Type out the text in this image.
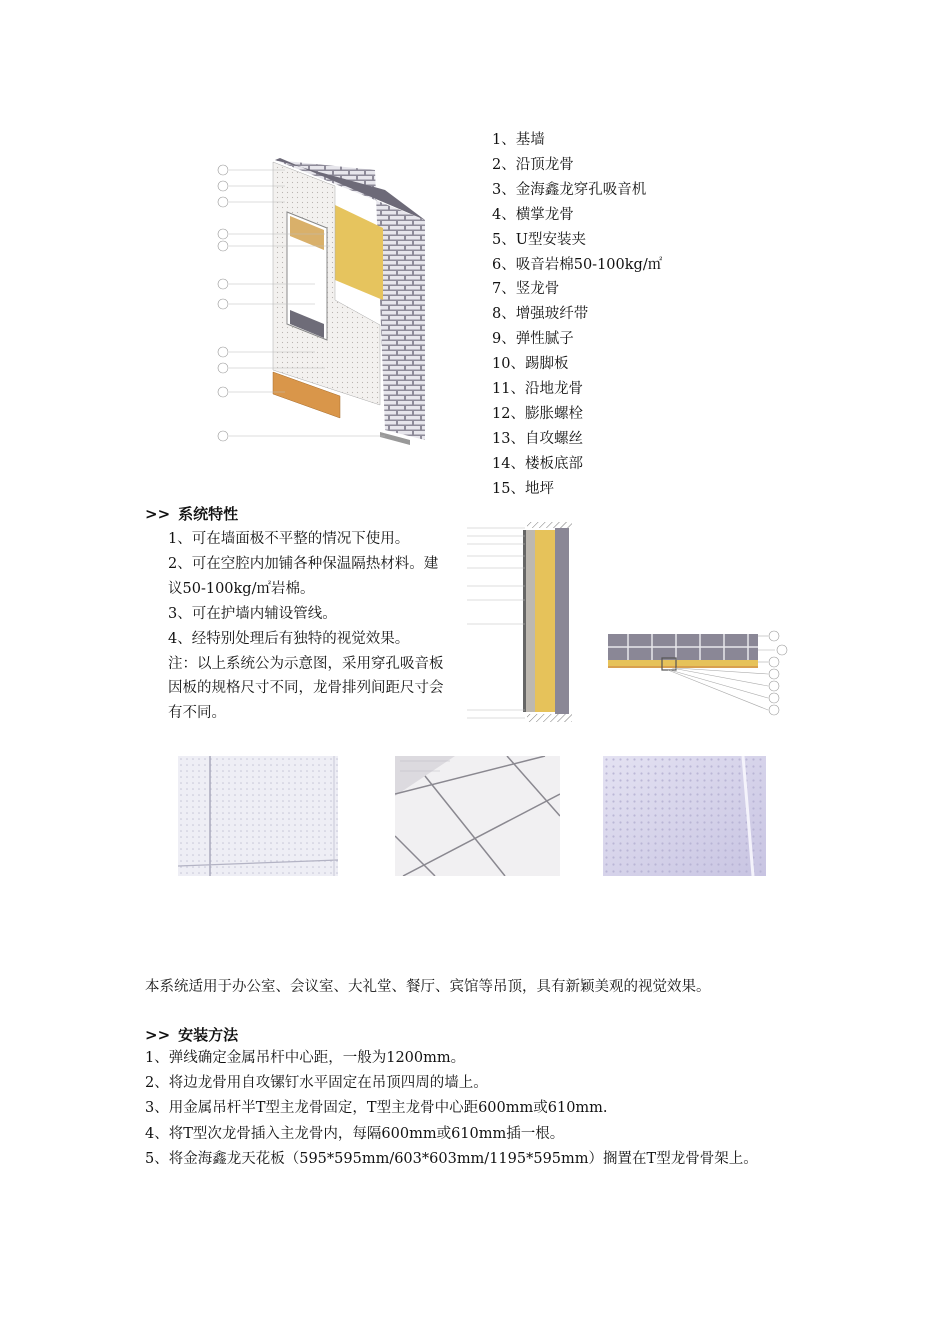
1、基墙
2、沿顶龙骨
3、金海鑫龙穿孔吸音机
4、横掌龙骨
5、U型安装夹
6、吸音岩棉50-100kg/㎡
7、竖龙骨
8、增强玻纤带
9、弹性腻子
10、踢脚板
11、沿地龙骨
12、膨胀螺栓
13、自攻螺丝
14、楼板底部
15、地坪
>> 系统特性

1、可在墙面极不平整的情况下使用。

2、可在空腔内加铺各种保温隔热材料。建议50-100kg/㎡岩棉。

3、可在护墙内辅设管线。

4、经特别处理后有独特的视觉效果。

注：以上系统公为示意图，采用穿孔吸音板因板的规格尺寸不同，龙骨排列间距尺寸会有不同。

本系统适用于办公室、会议室、大礼堂、餐厅、宾馆等吊顶，具有新颖美观的视觉效果。
>> 安装方法
1、弹线确定金属吊杆中心距，一般为1200mm。
2、将边龙骨用自攻镙钉水平固定在吊顶四周的墙上。
3、用金属吊杆半T型主龙骨固定，T型主龙骨中心距600mm或610mm.
4、将T型次龙骨插入主龙骨内，每隔600mm或610mm插一根。
5、将金海鑫龙天花板（595*595mm/603*603mm/1195*595mm）搁置在T型龙骨骨架上。
